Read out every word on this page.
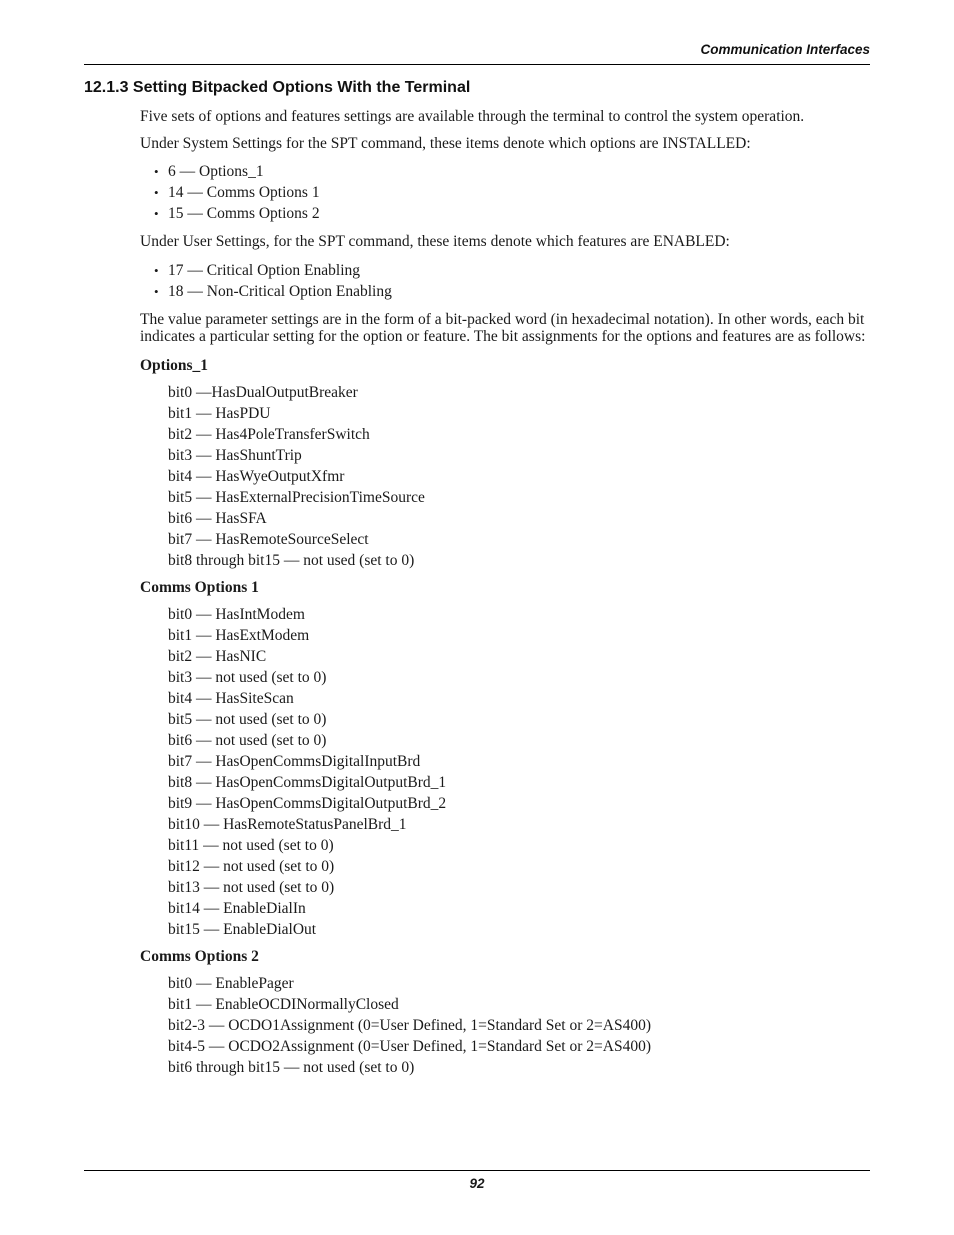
Communication Interfaces
12.1.3 Setting Bitpacked Options With the Terminal

Five sets of options and features settings are available through the terminal to control the system operation.

Under System Settings for the SPT command, these items denote which options are INSTALLED:

• 6 — Options_1
• 14 — Comms Options 1
• 15 — Comms Options 2

Under User Settings, for the SPT command, these items denote which features are ENABLED:

• 17 — Critical Option Enabling
• 18 — Non-Critical Option Enabling

The value parameter settings are in the form of a bit-packed word (in hexadecimal notation). In other words, each bit indicates a particular setting for the option or feature. The bit assignments for the options and features are as follows:

Options_1
bit0 —HasDualOutputBreaker
bit1 — HasPDU
bit2 — Has4PoleTransferSwitch
bit3 — HasShuntTrip
bit4 — HasWyeOutputXfmr
bit5 — HasExternalPrecisionTimeSource
bit6 — HasSFA
bit7 — HasRemoteSourceSelect
bit8 through bit15 — not used (set to 0)
Comms Options 1
bit0 — HasIntModem
bit1 — HasExtModem
bit2 — HasNIC
bit3 — not used (set to 0)
bit4 — HasSiteScan
bit5 — not used (set to 0)
bit6 — not used (set to 0)
bit7 — HasOpenCommsDigitalInputBrd
bit8 — HasOpenCommsDigitalOutputBrd_1
bit9 — HasOpenCommsDigitalOutputBrd_2
bit10 — HasRemoteStatusPanelBrd_1
bit11 — not used (set to 0)
bit12 — not used (set to 0)
bit13 — not used (set to 0)
bit14 — EnableDialIn
bit15 — EnableDialOut
Comms Options 2
bit0 — EnablePager
bit1 — EnableOCDINormallyClosed
bit2-3 — OCDO1Assignment (0=User Defined, 1=Standard Set or 2=AS400)
bit4-5 — OCDO2Assignment (0=User Defined, 1=Standard Set or 2=AS400)
bit6 through bit15 — not used (set to 0)
92
